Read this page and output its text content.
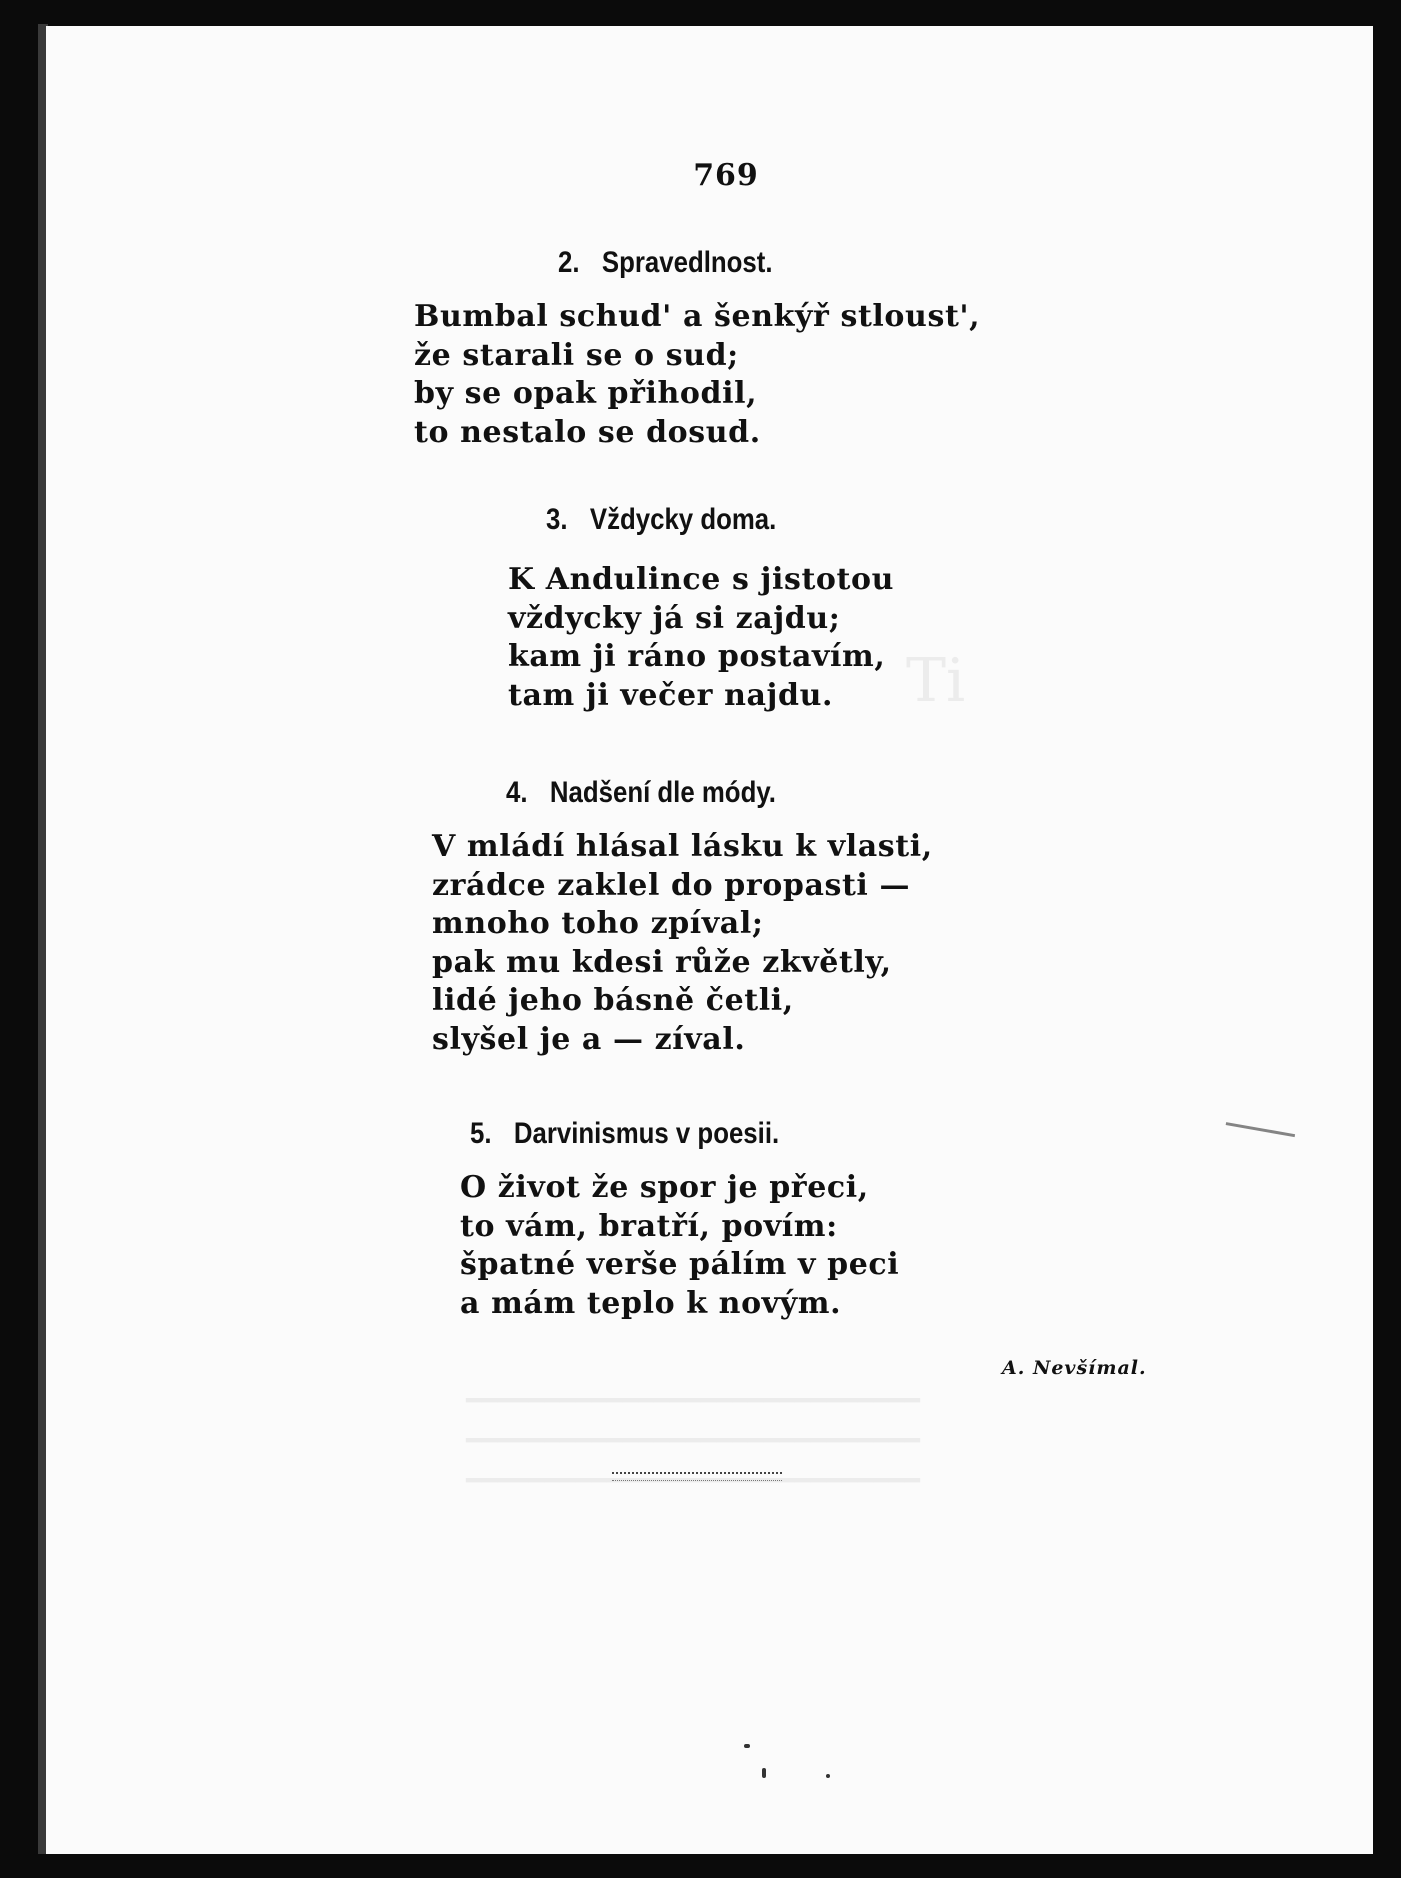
Ti
━━━━━━━━━━━━━━━━━━━━━━━━━━━━━
━━━━━━━━━━━━━━━━━━━━━━━━━━━━━
━━━━━━━━━━━━━━━━━━━━━━━━━━━━━
769
2. Spravedlnost.
Bumbal schud' a šenkýř stloust',
že starali se o sud;
by se opak přihodil,
to nestalo se dosud.
3. Vždycky doma.
K Andulince s jistotou
vždycky já si zajdu;
kam ji ráno postavím,
tam ji večer najdu.
4. Nadšení dle módy.
V mládí hlásal lásku k vlasti,
zrádce zaklel do propasti —
mnoho toho zpíval;
pak mu kdesi růže zkvětly,
lidé jeho básně četli,
slyšel je a — zíval.
5. Darvinismus v poesii.
O život že spor je přeci,
to vám, bratří, povím:
špatné verše pálím v peci
a mám teplo k novým.
A. Nevšímal.
